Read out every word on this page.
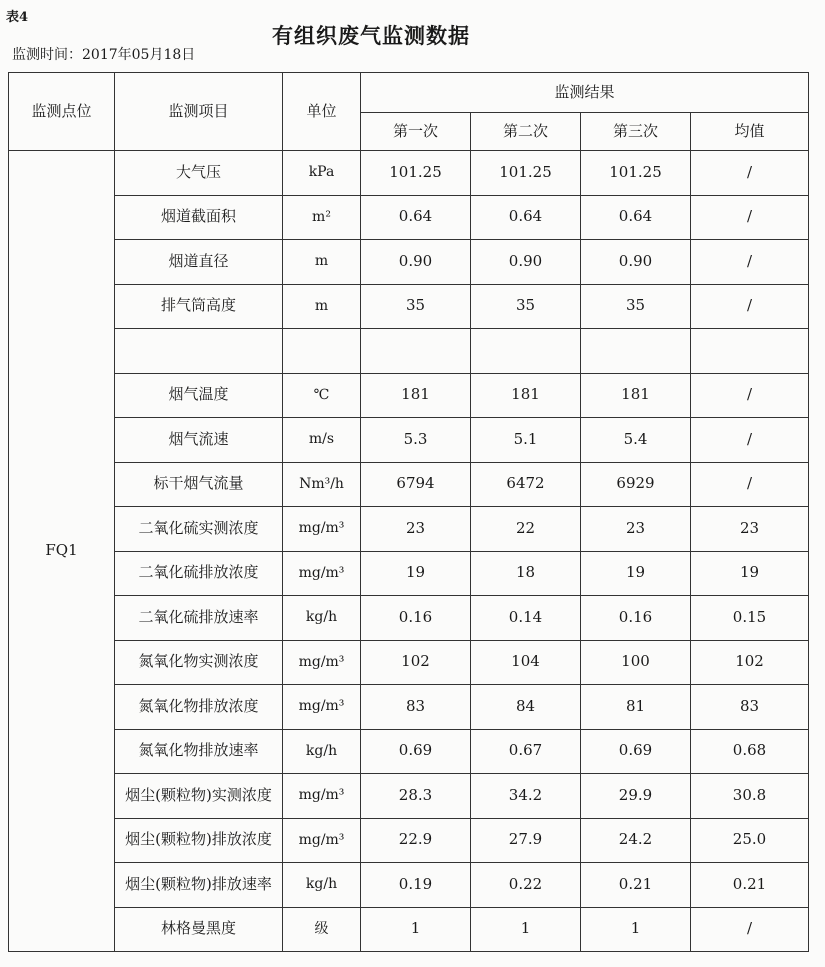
表4
有组织废气监测数据
监测时间：2017年05月18日
监测点位	监测项目	单位	监测结果			
			第一次	第二次	第三次	均值
FQ1	大气压	kPa	101.25	101.25	101.25	/
	烟道截面积	m²	0.64	0.64	0.64	/
	烟道直径	m	0.90	0.90	0.90	/
	排气筒高度	m	35	35	35	/

	烟气温度	℃	181	181	181	/
	烟气流速	m/s	5.3	5.1	5.4	/
	标干烟气流量	Nm³/h	6794	6472	6929	/
	二氧化硫实测浓度	mg/m³	23	22	23	23
	二氧化硫排放浓度	mg/m³	19	18	19	19
	二氧化硫排放速率	kg/h	0.16	0.14	0.16	0.15
	氮氧化物实测浓度	mg/m³	102	104	100	102
	氮氧化物排放浓度	mg/m³	83	84	81	83
	氮氧化物排放速率	kg/h	0.69	0.67	0.69	0.68
	烟尘(颗粒物)实测浓度	mg/m³	28.3	34.2	29.9	30.8
	烟尘(颗粒物)排放浓度	mg/m³	22.9	27.9	24.2	25.0
	烟尘(颗粒物)排放速率	kg/h	0.19	0.22	0.21	0.21
	林格曼黑度	级	1	1	1	/
